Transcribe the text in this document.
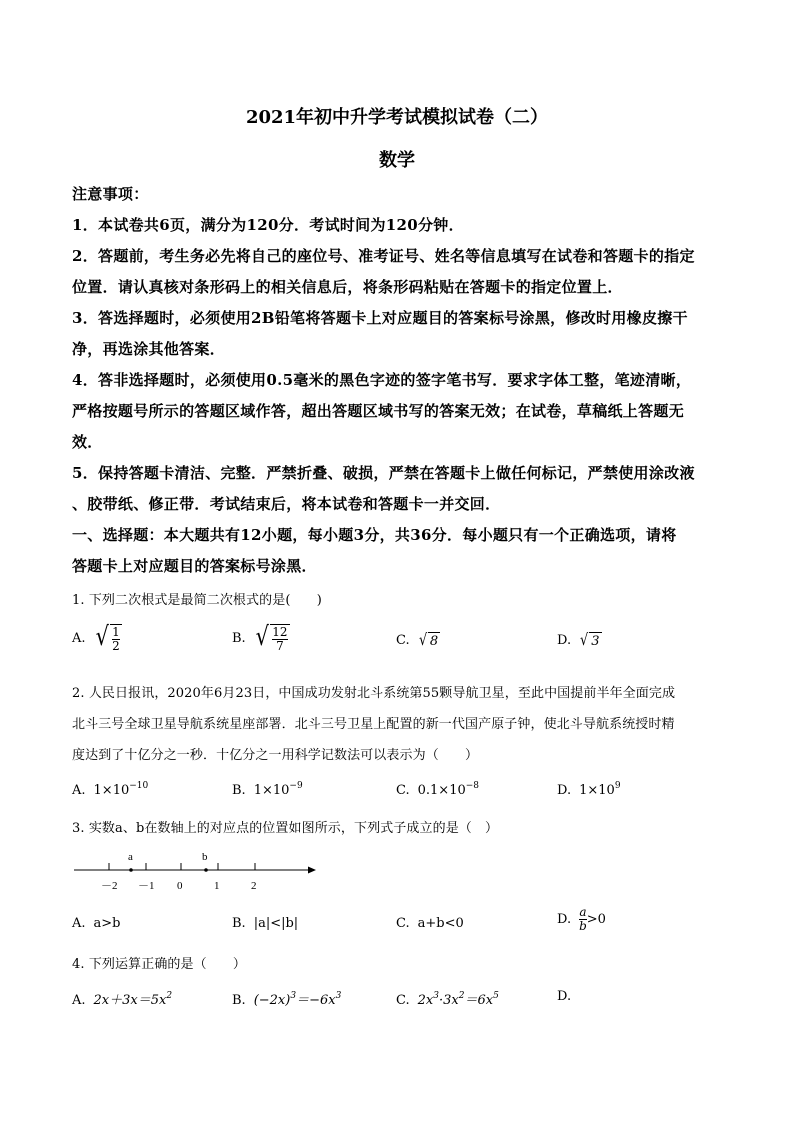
2021年初中升学考试模拟试卷（二）
数学
注意事项：
1．本试卷共6页，满分为120分．考试时间为120分钟．
2．答题前，考生务必先将自己的座位号、准考证号、姓名等信息填写在试卷和答题卡的指定
位置．请认真核对条形码上的相关信息后，将条形码粘贴在答题卡的指定位置上．
3．答选择题时，必须使用2B铅笔将答题卡上对应题目的答案标号涂黑，修改时用橡皮擦干
净，再选涂其他答案．
4．答非选择题时，必须使用0.5毫米的黑色字迹的签字笔书写．要求字体工整，笔迹清晰，
严格按题号所示的答题区域作答，超出答题区域书写的答案无效；在试卷，草稿纸上答题无
效．
5．保持答题卡清洁、完整．严禁折叠、破损，严禁在答题卡上做任何标记，严禁使用涂改液
、胶带纸、修正带．考试结束后，将本试卷和答题卡一并交回．
一、选择题：本大题共有12小题，每小题3分，共36分．每小题只有一个正确选项，请将
答题卡上对应题目的答案标号涂黑．
1. 下列二次根式是最简二次根式的是(　　)
A. √ $\frac{1}{2}$	B. √ $\frac{12}{7}$	C. √ 8	D. √ 3
2. 人民日报讯，2020年6月23日，中国成功发射北斗系统第55颗导航卫星，至此中国提前半年全面完成
北斗三号全球卫星导航系统星座部署．北斗三号卫星上配置的新一代国产原子钟，使北斗导航系统授时精
度达到了十亿分之一秒．十亿分之一用科学记数法可以表示为（　　）
A. $1\times 10^{-10}$	B. $1\times 10^{-9}$	C. $0.1\times 10^{-8}$	D. $1\times 10^9$
3. 实数a、b在数轴上的对应点的位置如图所示，下列式子成立的是（　）
a	b
－2 －1 0	1	2
A. a>b	B. |a|<|b|	C. a+b<0	D. $\frac{a}{b} >0$
4. 下列运算正确的是（　　）
A. $2x+3x=5x^2$	B. $(-2x)^3=-6x^3$	C. $2x^3\cdot 3x^2=6x^5$	D.
